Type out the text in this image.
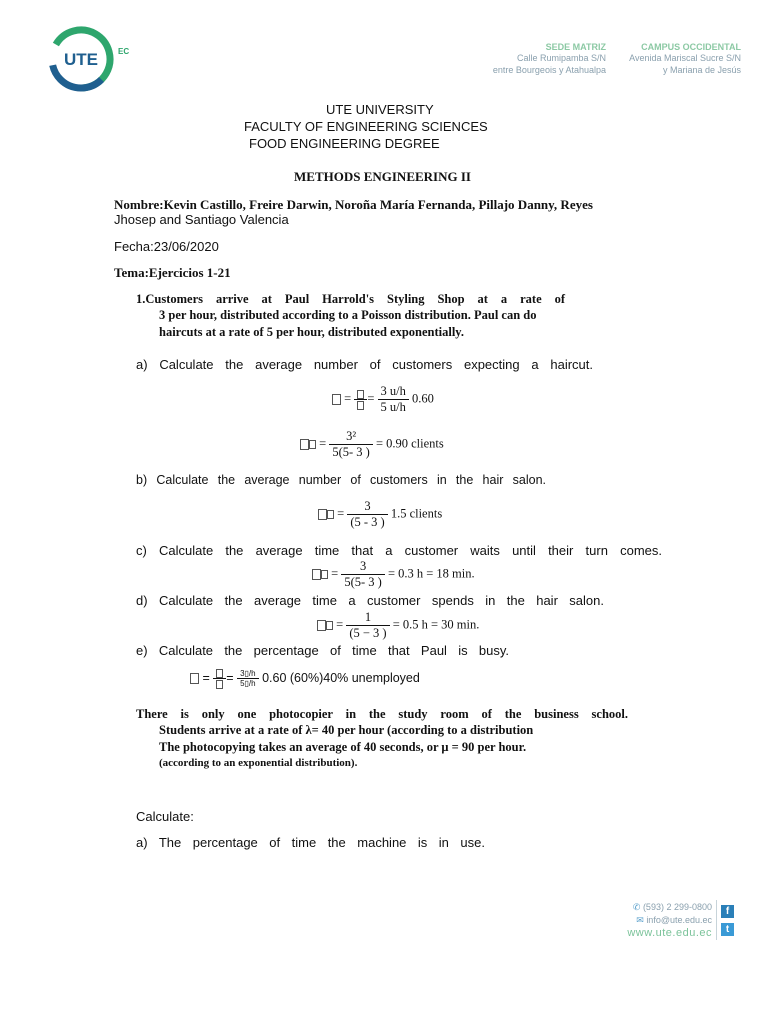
UTE	EC	SEDE MATRIZ
Calle Rumipamba S/N
entre Bourgeois y Atahualpa
CAMPUS OCCIDENTAL
Avenida Mariscal Sucre S/N
y Mariana de Jesús
UTE UNIVERSITY
FACULTY OF ENGINEERING SCIENCES
FOOD ENGINEERING DEGREE
METHODS ENGINEERING II
Nombre:Kevin Castillo, Freire Darwin, Noroña María Fernanda, Pillajo Danny, Reyes
Jhosep and Santiago Valencia
Fecha:23/06/2020
Tema:Ejercicios 1-21
1.Customers arrive at Paul Harrold's Styling Shop at a rate of
3 per hour, distributed according to a Poisson distribution. Paul can do
haircuts at a rate of 5 per hour, distributed exponentially.
a) Calculate the average number of customers expecting a haircut.
= = $\frac{3 u/h}{5 u/h} 0.60$
= $\frac{\text{3²}}{5(5- 3 )} = 0.90$ clients
b) Calculate the average number of customers in the hair salon.
= $\frac{3}{(5 - 3 )} 1.5$ clients
c) Calculate the average time that a customer waits until their turn comes.
= $\frac{3}{5(5- 3 )} = 0.3$ h = 18 min.
d) Calculate the average time a customer spends in the hair salon.
= $\frac{1}{(5 - 3 )} = 0.5$ h = 30 min.
e) Calculate the percentage of time that Paul is busy.
= = $\frac{3▯/h}{5▯/h} 0.60$ (60%)40% unemployed
There is only one photocopier in the study room of the business school.
Students arrive at a rate of λ= 40 per hour (according to a distribution
The photocopying takes an average of 40 seconds, or μ = 90 per hour.
(according to an exponential distribution).
Calculate:
a) The percentage of time the machine is in use.
✆ (593) 2 299-0800
✉ info@ute.edu.ec
www.ute.edu.ec
f
t
